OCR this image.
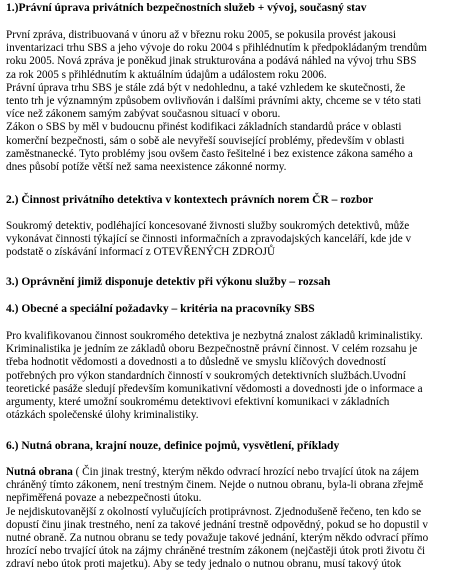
1.)Právní úprava privátních bezpečnostních služeb + vývoj, současný stav
První zpráva, distribuovaná v únoru až v březnu roku 2005, se pokusila provést jakousi
inventarizaci trhu SBS a jeho vývoje do roku 2004 s přihlédnutím k předpokládaným trendům
roku 2005. Nová zpráva je poněkud jinak strukturována a podává náhled na vývoj trhu SBS
za rok 2005 s přihlédnutím k aktuálním údajům a událostem roku 2006.
Právní úprava trhu SBS je stále zdá být v nedohlednu, a také vzhledem ke skutečnosti, že
tento trh je významným způsobem ovlivňován i dalšími právními akty, chceme se v této stati
více než zákonem samým zabývat současnou situací v oboru.
Zákon o SBS by měl v budoucnu přinést kodifikaci základních standardů práce v oblasti
komerční bezpečnosti, sám o sobě ale nevyřeší související problémy, především v oblasti
zaměstnanecké. Tyto problémy jsou ovšem často řešitelné i bez existence zákona samého a
dnes působí potíže větší než sama neexistence zákonné normy.
2.) Činnost privátního detektiva v kontextech právních norem ČR – rozbor
Soukromý detektiv, podléhající koncesované živnosti služby soukromých detektivů, může
vykonávat činnosti týkající se činnosti informačních a zpravodajských kanceláří, kde jde v
podstatě o získávání informací z OTEVŘENÝCH ZDROJŮ
3.) Oprávnění jimiž disponuje detektiv při výkonu služby – rozsah
4.) Obecné a speciální požadavky – kritéria na pracovníky SBS
Pro kvalifikovanou činnost soukromého detektiva je nezbytná znalost základů kriminalistiky.
Kriminalistika je jedním ze základů oboru Bezpečnostně právní činnost. V celém rozsahu je
třeba hodnotit vědomosti a dovednosti a to důsledně ve smyslu klíčových dovedností
potřebných pro výkon standardních činností v soukromých detektivních službách.Uvodní
teoretické pasáže sledují především komunikativní vědomosti a dovednosti jde o informace a
argumenty, které umožní soukromému detektivovi efektivní komunikaci v základních
otázkách společenské úlohy kriminalistiky.
6.) Nutná obrana, krajní nouze, definice pojmů, vysvětlení, příklady
Nutná obrana ( Čin jinak trestný, kterým někdo odvrací hrozící nebo trvající útok na zájem
chráněný tímto zákonem, není trestným činem. Nejde o nutnou obranu, byla-li obrana zřejmě
nepřiměřená povaze a nebezpečnosti útoku.
Je nejdiskutovanější z okolností vylučujících protiprávnost. Zjednodušeně řečeno, ten kdo se
dopustí činu jinak trestného, není za takové jednání trestně odpovědný, pokud se ho dopustil v
nutné obraně. Za nutnou obranu se tedy považuje takové jednání, kterým někdo odvrací přímo
hrozící nebo trvající útok na zájmy chráněné trestním zákonem (nejčastěji útok proti životu či
zdraví nebo útok proti majetku). Aby se tedy jednalo o nutnou obranu, musí takový útok
